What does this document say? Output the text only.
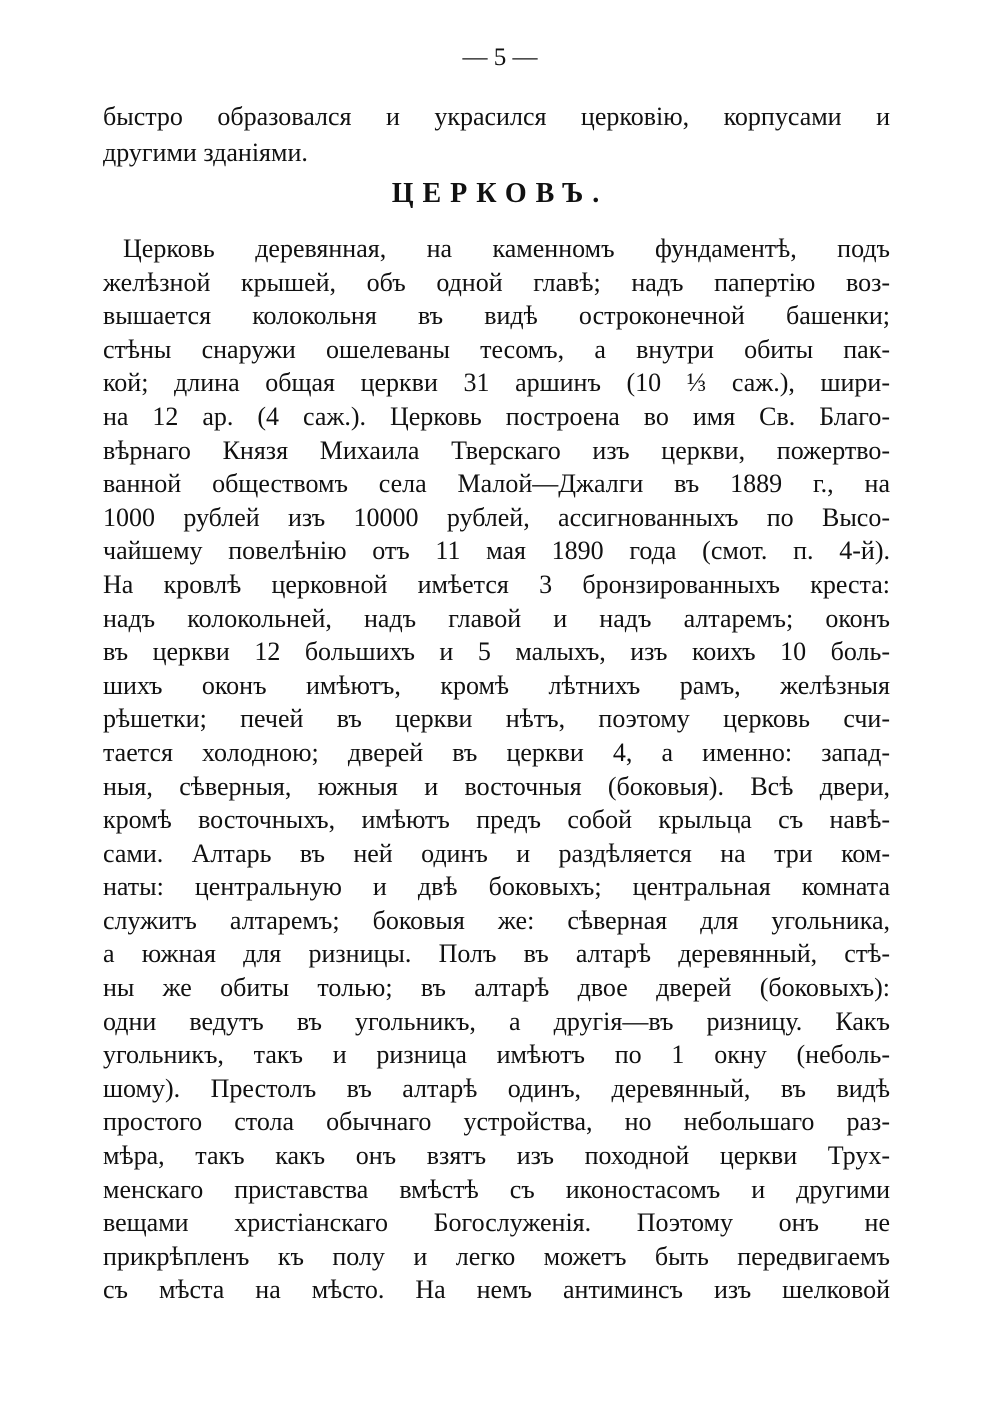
— 5 —
быстро образовался и украсился церковію, корпусами и
другими зданіями.
ЦЕРКОВЪ.
Церковь деревянная, на каменномъ фундаментѣ, подъ
желѣзной крышей, объ одной главѣ; надъ папертію воз-
вышается колокольня въ видѣ остроконечной башенки;
стѣны снаружи ошелеваны тесомъ, а внутри обиты пак-
кой; длина общая церкви 31 аршинъ (10 ⅓ саж.), шири-
на 12 ар. (4 саж.). Церковь построена во имя Св. Благо-
вѣрнаго Князя Михаила Тверскаго изъ церкви, пожертво-
ванной обществомъ села Малой—Джалги въ 1889 г., на
1000 рублей изъ 10000 рублей, ассигнованныхъ по Высо-
чайшему повелѣнію отъ 11 мая 1890 года (смот. п. 4-й).
На кровлѣ церковной имѣется 3 бронзированныхъ креста:
надъ колокольней, надъ главой и надъ алтаремъ; оконъ
въ церкви 12 большихъ и 5 малыхъ, изъ коихъ 10 боль-
шихъ оконъ имѣютъ, кромѣ лѣтнихъ рамъ, желѣзныя
рѣшетки; печей въ церкви нѣтъ, поэтому церковь счи-
тается холодною; дверей въ церкви 4, а именно: запад-
ныя, сѣверныя, южныя и восточныя (боковыя). Всѣ двери,
кромѣ восточныхъ, имѣютъ предъ собой крыльца съ навѣ-
сами. Алтарь въ ней одинъ и раздѣляется на три ком-
наты: центральную и двѣ боковыхъ; центральная комната
служитъ алтаремъ; боковыя же: сѣверная для угольника,
а южная для ризницы. Полъ въ алтарѣ деревянный, стѣ-
ны же обиты толью; въ алтарѣ двое дверей (боковыхъ):
одни ведутъ въ угольникъ, а другія—въ ризницу. Какъ
угольникъ, такъ и ризница имѣютъ по 1 окну (неболь-
шому). Престолъ въ алтарѣ одинъ, деревянный, въ видѣ
простого стола обычнаго устройства, но небольшаго раз-
мѣра, такъ какъ онъ взятъ изъ походной церкви Трух-
менскаго приставства вмѣстѣ съ иконостасомъ и другими
вещами христіанскаго Богослуженія. Поэтому онъ не
прикрѣпленъ къ полу и легко можетъ быть передвигаемъ
съ мѣста на мѣсто. На немъ антиминсъ изъ шелковой
